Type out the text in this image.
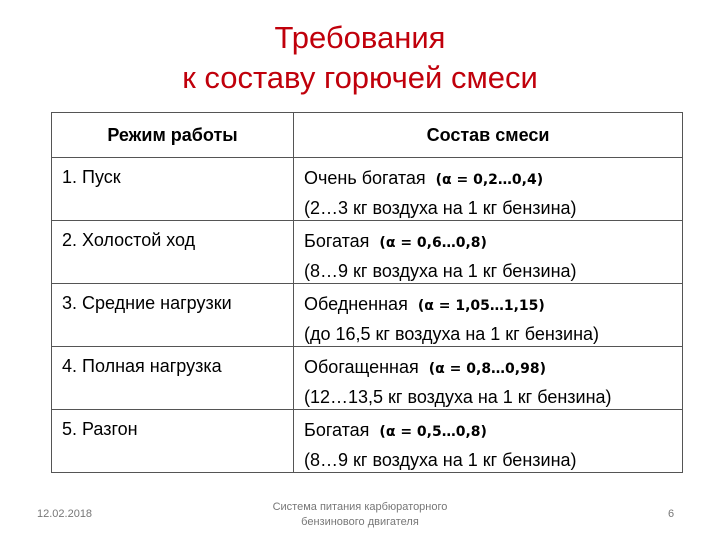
Требования
к составу горючей смеси
Режим работы	Состав смеси

1. Пуск	Очень богатая (α = 0,2…0,4)
(2…3 кг воздуха на 1 кг бензина)

2. Холостой ход	Богатая (α = 0,6…0,8)
(8…9 кг воздуха на 1 кг бензина)

3. Средние нагрузки	Обедненная (α = 1,05…1,15)
(до 16,5 кг воздуха на 1 кг бензина)

4. Полная нагрузка	Обогащенная (α = 0,8…0,98)
(12…13,5 кг воздуха на 1 кг бензина)

5. Разгон	Богатая (α = 0,5…0,8)
(8…9 кг воздуха на 1 кг бензина)
12.02.2018
Система питания карбюраторного
бензинового двигателя
6
